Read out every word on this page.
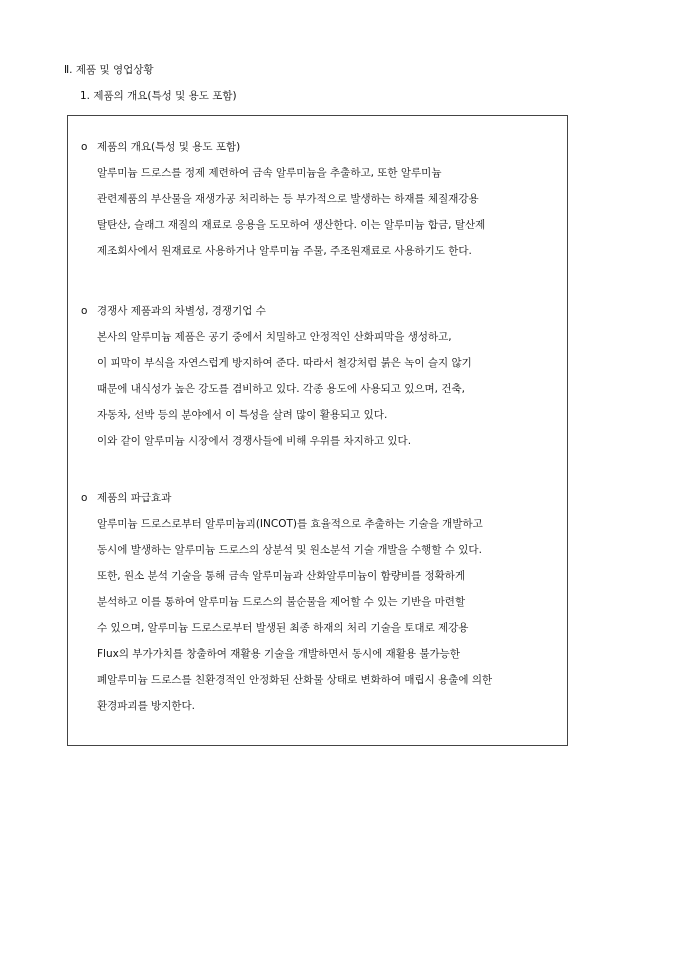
Ⅱ. 제품 및 영업상황
1. 제품의 개요(특성 및 용도 포함)
o 제품의 개요(특성 및 용도 포함)
알루미늄 드로스를 정제 제련하여 금속 알루미늄을 추출하고, 또한 알루미늄
관련제품의 부산물을 재생가공 처리하는 등 부가적으로 발생하는 하재를 체질재강용
탈탄산, 슬래그 재질의 재료로 응용을 도모하여 생산한다. 이는 알루미늄 합금, 탈산제
제조회사에서 원재료로 사용하거나 알루미늄 주물, 주조원재료로 사용하기도 한다.
o 경쟁사 제품과의 차별성, 경쟁기업 수
본사의 알루미늄 제품은 공기 중에서 치밀하고 안정적인 산화피막을 생성하고,
이 피막이 부식을 자연스럽게 방지하여 준다. 따라서 철강처럼 붉은 녹이 슬지 않기
때문에 내식성가 높은 강도를 겸비하고 있다. 각종 용도에 사용되고 있으며, 건축,
자동차, 선박 등의 분야에서 이 특성을 살려 많이 활용되고 있다.
이와 같이 알루미늄 시장에서 경쟁사들에 비해 우위를 차지하고 있다.
o 제품의 파급효과
알루미늄 드로스로부터 알루미늄괴(INCOT)를 효율적으로 추출하는 기술을 개발하고
동시에 발생하는 알루미늄 드로스의 상분석 및 원소분석 기술 개발을 수행할 수 있다.
또한, 원소 분석 기술을 통해 금속 알루미늄과 산화알루미늄이 함량비를 정확하게
분석하고 이를 통하여 알루미늄 드로스의 불순물을 제어할 수 있는 기반을 마련할
수 있으며, 알루미늄 드로스로부터 발생된 최종 하재의 처리 기술을 토대로 제강용
Flux의 부가가치를 창출하여 재활용 기술을 개발하면서 동시에 재활용 불가능한
폐알루미늄 드로스를 친환경적인 안정화된 산화물 상태로 변화하여 매립시 용출에 의한
환경파괴를 방지한다.
